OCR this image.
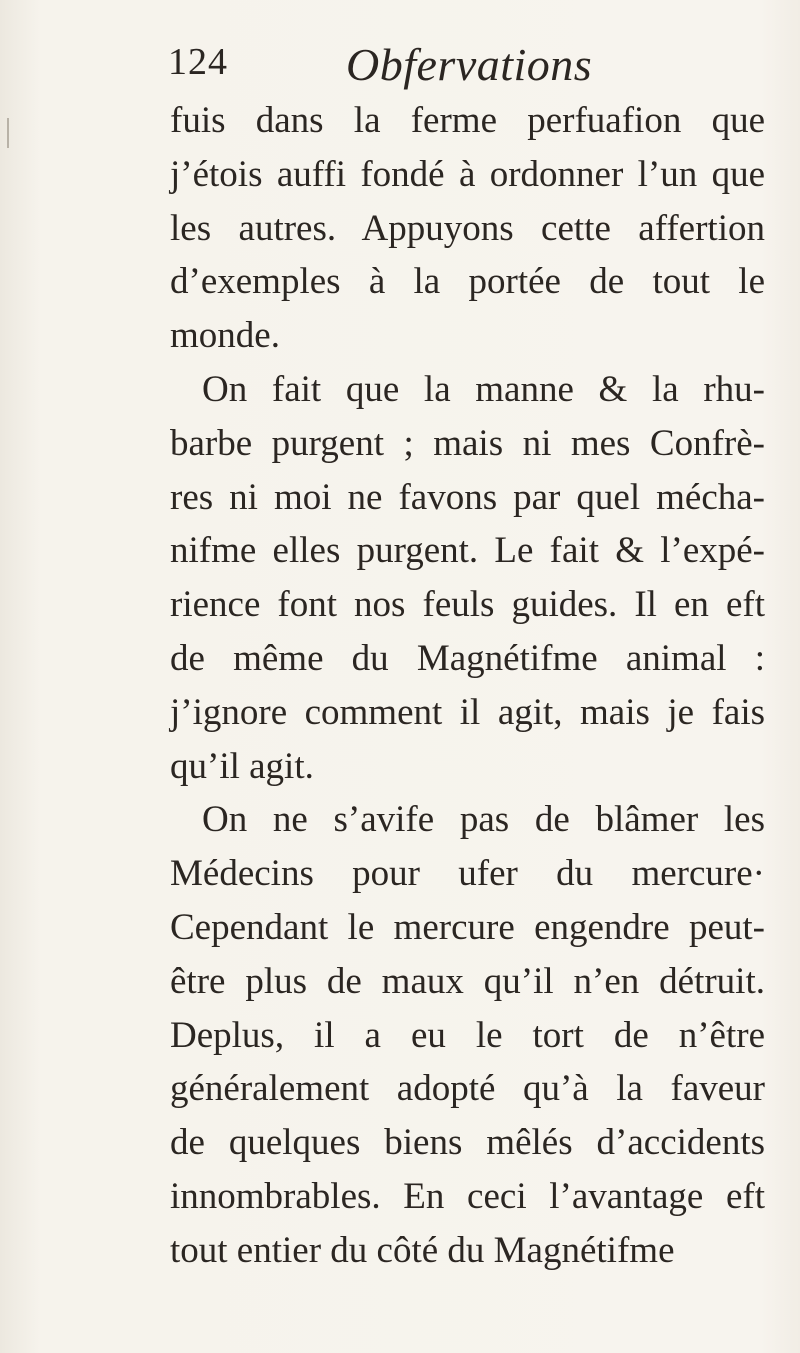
124	Obfervations
fuis dans la ferme perfuafion que
j’étois auffi fondé à ordonner l’un que
les autres. Appuyons cette affertion
d’exemples à la portée de tout le
monde.
On fait que la manne & la rhu-
barbe purgent ; mais ni mes Confrè-
res ni moi ne favons par quel mécha-
nifme elles purgent. Le fait & l’expé-
rience font nos feuls guides. Il en eft
de même du Magnétifme animal :
j’ignore comment il agit, mais je fais
qu’il agit.
On ne s’avife pas de blâmer les
Médecins pour ufer du mercure·
Cependant le mercure engendre peut-
être plus de maux qu’il n’en détruit.
Deplus, il a eu le tort de n’être
généralement adopté qu’à la faveur
de quelques biens mêlés d’accidents
innombrables. En ceci l’avantage eft
tout entier du côté du Magnétifme
